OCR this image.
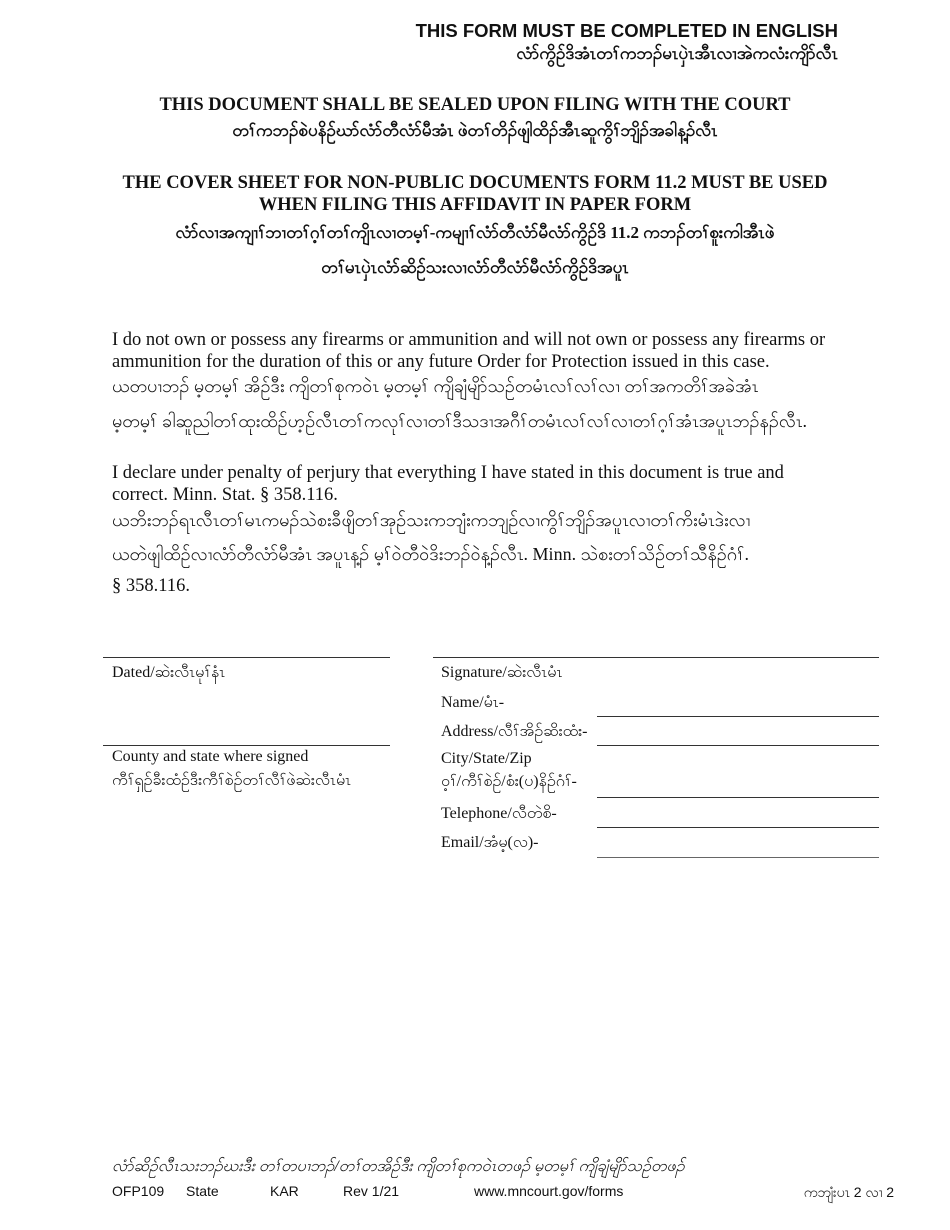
THIS FORM MUST BE COMPLETED IN ENGLISH
လံာ်ကွိဉ်ဒိအံၤတၢ်ကဘၣ်မၤပှဲၤအီၤလၢအဲကလံးကျိာ်လီၤ
THIS DOCUMENT SHALL BE SEALED UPON FILING WITH THE COURT
တၢ်ကဘၣ်စဲပနိဉ်ဃာ်လံာ်တီလံာ်မီအံၤ ဖဲတၢ်တိၣ်ဖျါထိၣ်အီၤဆူကွိၢ်ဘျိၣ်အခါန့ၣ်လီၤ
THE COVER SHEET FOR NON-PUBLIC DOCUMENTS FORM 11.2 MUST BE USED
WHEN FILING THIS AFFIDAVIT IN PAPER FORM
လံာ်လၢအကျၢၢ်ဘၢတၢ်ဂ့ၢ်တၢ်ကျိၤလၢတမ့ၢ်-ကမျၢၢ်လံာ်တီလံာ်မီလံာ်ကွိဉ်ဒိ 11.2 ကဘၣ်တၢ်စူးကါအီၤဖဲ
တၢ်မၤပှဲၤလံာ်ဆိဉ်သးလၢလံာ်တီလံာ်မီလံာ်ကွိဉ်ဒိအပူၤ
I do not own or possess any firearms or ammunition and will not own or possess any firearms or
ammunition for the duration of this or any future Order for Protection issued in this case.
ယတပၢဘၣ် မ့တမ့ၢ် အိဉ်ဒီး ကျိတၢ်စုကဝဲၤ မ့တမ့ၢ် ကျိချံမျိာ်သဉ်တမံၤလၢ်လၢ်လၢ တၢ်အကတိၢ်အခဲအံၤ
မ့တမ့ၢ် ခါဆူညါတၢ်ထုးထိဉ်ဟ့ဉ်လီၤတၢ်ကလုၢ်လၢတၢ်ဒီသဒၢအဂီၢ်တမံၤလၢ်လၢ်လၢတၢ်ဂ့ၢ်အံၤအပူၤဘၣ်နၣ်လီၤ.
I declare under penalty of perjury that everything I have stated in this document is true and
correct. Minn. Stat. § 358.116.
ယဘိးဘၣ်ရၤလီၤတၢ်မၤကမၣ်သဲစးခီဖျိတၢ်အုဉ်သးကဘျံးကဘျဉ်လၢကွိၢ်ဘျိၣ်အပူၤလၢတၢ်ကိးမံၤဒဲးလၢ
ယတဲဖျါထိဉ်လၢလံာ်တီလံာ်မီအံၤ အပူၤန့ၣ် မ့ၢ်ဝဲတီဝဲဒိးဘၣ်ဝဲန့ၣ်လီၤ. Minn. သဲစးတၢ်သိဉ်တၢ်သီနိဉ်ဂံၢ်.
§ 358.116.
Dated/ဆဲးလီၤမုၢ်နံၤ
County and state where signed
ကီၢ်ရှဉ်ခီးထံဉ်ဒီးကီၢ်စဲဉ်တၢ်လီၢ်ဖဲဆဲးလီၤမံၤ
Signature/ဆဲးလီၤမံၤ
Name/မံၤ-
Address/လီၢ်အိဉ်ဆိးထံး-
City/State/Zip
ဝ့ၢ်/ကီၢ်စဲဉ်/စံး(ပ)နိဉ်ဂံၢ်-
Telephone/လီတဲစိ-
Email/အံမ့(လ)-
လံာ်ဆိဉ်လီၤသးဘၣ်ဃးဒီး တၢ်တပၢဘၣ်/တၢ်တအိဉ်ဒီး ကျိတၢ်စုကဝဲၤတဖၣ် မ့တမ့ၢ် ကျိချံမျိာ်သဉ်တဖၣ်
OFP109 State	KAR	Rev 1/21	www.mncourt.gov/forms	ကဘျံးပၤ 2 လၢ 2
